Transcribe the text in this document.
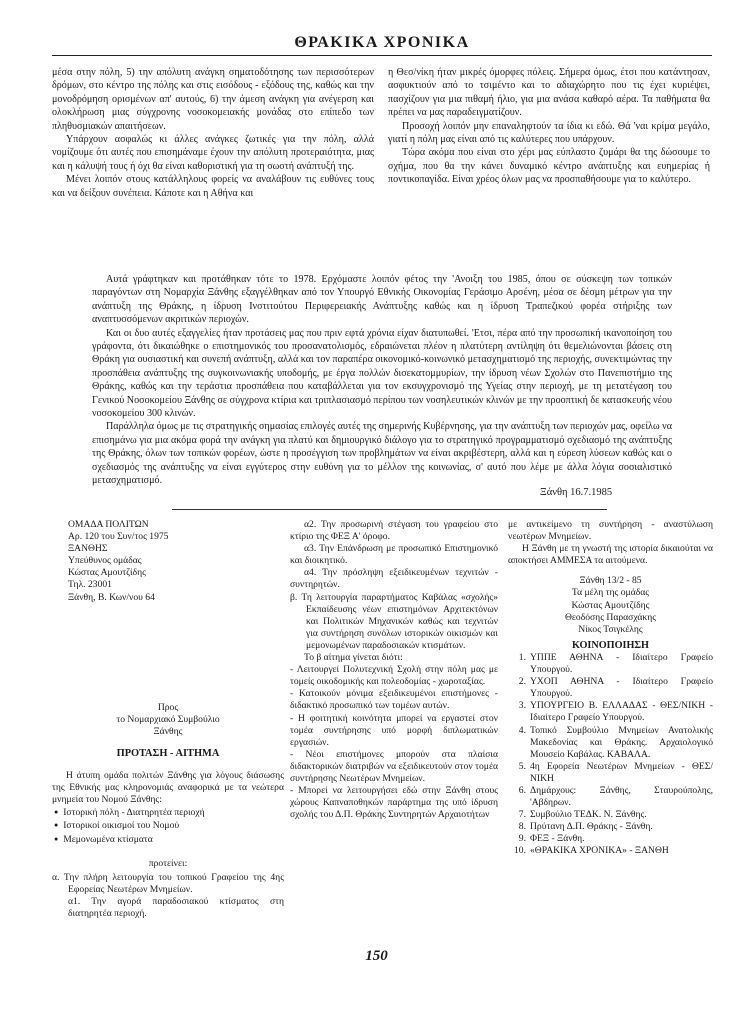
ΘΡΑΚΙΚΑ ΧΡΟΝΙΚΑ

μέσα στην πόλη, 5) την απόλυτη ανάγκη σηματοδότησης των περισσότερων δρόμων, στο κέντρο της πόλης και στις εισόδους - εξόδους της, καθώς και την μονοδρόμηση ορισμένων απ' αυτούς, 6) την άμεση ανάγκη για ανέγερση και ολοκλήρωση μιας σύγχρονης νοσοκομειακής μονάδας στο επίπεδο των πληθυσμιακών απαιτήσεων.

Υπάρχουν ασφαλώς κι άλλες ανάγκες ζωτικές για την πόλη, αλλά νομίζουμε ότι αυτές που επισημάναμε έχουν την απόλυτη προτεραιότητα, μιας και η κάλυψή τους ή όχι θα είναι καθοριστική για τη σωστή ανάπτυξή της.

Μένει λοιπόν στους κατάλληλους φορείς να αναλάβουν τις ευθύνες τους και να δείξουν συνέπεια. Κάποτε και η Αθήνα και

η Θεσ/νίκη ήταν μικρές όμορφες πόλεις. Σήμερα όμως, έτσι που κατάντησαν, ασφυκτιούν από το τσιμέντο και το αδιαχώρητο που τις έχει κυριέψει, πασχίζουν για μια πιθαμή ήλιο, για μια ανάσα καθαρό αέρα. Τα παθήματα θα πρέπει να μας παραδειγματίζουν.

Προσοχή λοιπόν μην επαναληφτούν τα ίδια κι εδώ. Θά 'ναι κρίμα μεγάλο, γιατί η πόλη μας είναι από τις καλύτερες που υπάρχουν.

Τώρα ακόμα που είναι στο χέρι μας εύπλαστο ζυμάρι θα της δώσουμε το σχήμα, που θα την κάνει δυναμικό κέντρο ανάπτυξης και ευημερίας ή ποντικοπαγίδα. Είναι χρέος όλων μας να προσπαθήσουμε για το καλύτερο.

Αυτά γράφτηκαν και προτάθηκαν τότε το 1978. Ερχόμαστε λοιπόν φέτος την 'Ανοιξη του 1985, όπου σε σύσκεψη των τοπικών παραγόντων στη Νομαρχία Ξάνθης εξαγγέλθηκαν από τον Υπουργό Εθνικής Οικονομίας Γεράσιμο Αρσένη, μέσα σε δέσμη μέτρων για την ανάπτυξη της Θράκης, η ίδρυση Ινστιτούτου Περιφερειακής Ανάπτυξης καθώς και η ίδρυση Τραπεζικού φορέα στήριξης των αναπτυσσόμενων ακριτικών περιοχών.

Και οι δυο αυτές εξαγγελίες ήταν προτάσεις μας που πριν εφτά χρόνια είχαν διατυπωθεί. 'Ετσι, πέρα από την προσωπική ικανοποίηση του γράφοντα, ότι δικαιώθηκε ο επιστημονικός του προσανατολισμός, εδραιώνεται πλέον η πλατύτερη αντίληψη ότι θεμελιώνονται βάσεις στη Θράκη για ουσιαστική και συνεπή ανάπτυξη, αλλά και τον παραπέρα οικονομικό-κοινωνικό μετασχηματισμό της περιοχής, συνεκτιμώντας την προσπάθεια ανάπτυξης της συγκοινωνιακής υποδομής, με έργα πολλών δισεκατομμυρίων, την ίδρυση νέων Σχολών στο Πανεπιστήμιο της Θράκης, καθώς και την τεράστια προσπάθεια που καταβάλλεται για τον εκσυγχρονισμό της Υγείας στην περιοχή, με τη μετατέγαση του Γενικού Νοσοκομείου Ξάνθης σε σύγχρονα κτίρια και τριπλασιασμό περίπου των νοσηλευτικών κλινών με την προοπτική δε κατασκευής νέου νοσοκομείου 300 κλινών.

Παράλληλα όμως με τις στρατηγικής σημασίας επιλογές αυτές της σημερινής Κυβέρνησης, για την ανάπτυξη των περιοχών μας, οφείλω να επισημάνω για μια ακόμα φορά την ανάγκη για πλατύ και δημιουργικό διάλογο για το στρατηγικό προγραμματισμό σχεδιασμό της ανάπτυξης της Θράκης, όλων των τοπικών φορέων, ώστε η προσέγγιση των προβλημάτων να είναι ακριβέστερη, αλλά και η εύρεση λύσεων καθώς και ο σχεδιασμός της ανάπτυξης να είναι εγγύτερος στην ευθύνη για το μέλλον της κοινωνίας, σ' αυτό που λέμε με άλλα λόγια σοσιαλιστικό μετασχηματισμό.

Ξάνθη 16.7.1985
ΟΜΑΔΑ ΠΟΛΙΤΩΝ
Αρ. 120 του Συν/τος 1975
ΞΑΝΘΗΣ
Υπεύθυνος ομάδας
Κώστας Αμουτζίδης
Τηλ. 23001
Ξάνθη, Β. Κων/νου 64
Προς
το Νομαρχιακό Συμβούλιο
Ξάνθης
ΠΡΟΤΑΣΗ - ΑΙΤΗΜΑ
Η άτυπη ομάδα πολιτών Ξάνθης για λόγους διάσωσης της Εθνικής μας κληρονομιάς αναφορικά με τα νεώτερα μνημεία του Νομού Ξάνθης:
● Ιστορική πόλη - Διατηρητέα περιοχή
● Ιστορικοί οικισμοί του Νομού
● Μεμονωμένα κτίσματα
προτείνει:
α. Την πλήρη λειτουργία του τοπικού Γραφείου της 4ης Εφορείας Νεωτέρων Μνημείων.
α1. Την αγορά παραδοσιακού κτίσματος στη διατηρητέα περιοχή.
α2. Την προσωρινή στέγαση του γραφείου στο κτίριο της ΦΕΞ Α' όροφο.
α3. Την Επάνδρωση με προσωπικό Επιστημονικό και διοικητικό.
α4. Την πρόσληψη εξειδικευμένων τεχνιτών - συντηρητών.
β. Τη λειτουργία παραρτήματος Καβάλας «σχολής» Εκπαίδευσης νέων επιστημόνων Αρχιτεκτόνων και Πολιτικών Μηχανικών καθώς και τεχνιτών για συντήρηση συνόλων ιστορικών οικισμών και μεμονωμένων παραδοσιακών κτισμάτων.
Το β αίτημα γίνεται διότι:
- Λειτουργεί Πολυτεχνική Σχολή στην πόλη μας με τομείς οικοδομικής και πολεοδομίας - χωροταξίας.
- Κατοικούν μόνιμα εξειδικευμένοι επιστήμονες - διδακτικό προσωπικό των τομέων αυτών.
- Η φοιτητική κοινότητα μπορεί να εργαστεί στον τομέα συντήρησης υπό μορφή διπλωματικών εργασιών.
- Νέοι επιστήμονες μπορούν στα πλαίσια διδακτορικών διατριβών να εξειδικευτούν στον τομέα συντήρησης Νεωτέρων Μνημείων.
- Μπορεί να λειτουργήσει εδώ στην Ξάνθη στους χώρους Καπναποθηκών παράρτημα της υπό ίδρυση σχολής του Δ.Π. Θράκης Συντηρητών Αρχαιοτήτων
με αντικείμενο τη συντήρηση - αναστύλωση νεωτέρων Μνημείων.
Η Ξάνθη με τη γνωστή της ιστορία δικαιούται να αποκτήσει ΑΜΜΕΣΑ τα αιτούμενα.
Ξάνθη 13/2 - 85
Τα μέλη της ομάδας
Κώστας Αμουτζίδης
Θεοδόσης Παρασχάκης
Νίκος Τσιγκέλης
ΚΟΙΝΟΠΟΙΗΣΗ
1. ΥΠΠΕ ΑΘΗΝΑ - Ιδιαίτερο Γραφείο Υπουργού.
2. ΥΧΟΠ ΑΘΗΝΑ - Ιδιαίτερο Γραφείο Υπουργού.
3. ΥΠΟΥΡΓΕΙΟ Β. ΕΛΛΑΔΑΣ - ΘΕΣ/ΝΙΚΗ - Ιδιαίτερο Γραφείο Υπουργού.
4. Τοπικό Συμβούλιο Μνημείων Ανατολικής Μακεδονίας και Θράκης. Αρχαιολογικό Μουσείο Καβάλας. ΚΑΒΑΛΑ.
5. 4η Εφορεία Νεωτέρων Μνημείων - ΘΕΣ/ΝΙΚΗ
6. Δημάρχους: Ξάνθης, Σταυρούπολης, 'Αβδηρων.
7. Συμβούλιο ΤΕΔΚ. Ν. Ξάνθης.
8. Πρύτανη Δ.Π. Θράκης - Ξάνθη.
9. ΦΕΞ - Ξάνθη.
10. «ΘΡΑΚΙΚΑ ΧΡΟΝΙΚΑ» - ΞΑΝΘΗ
150
